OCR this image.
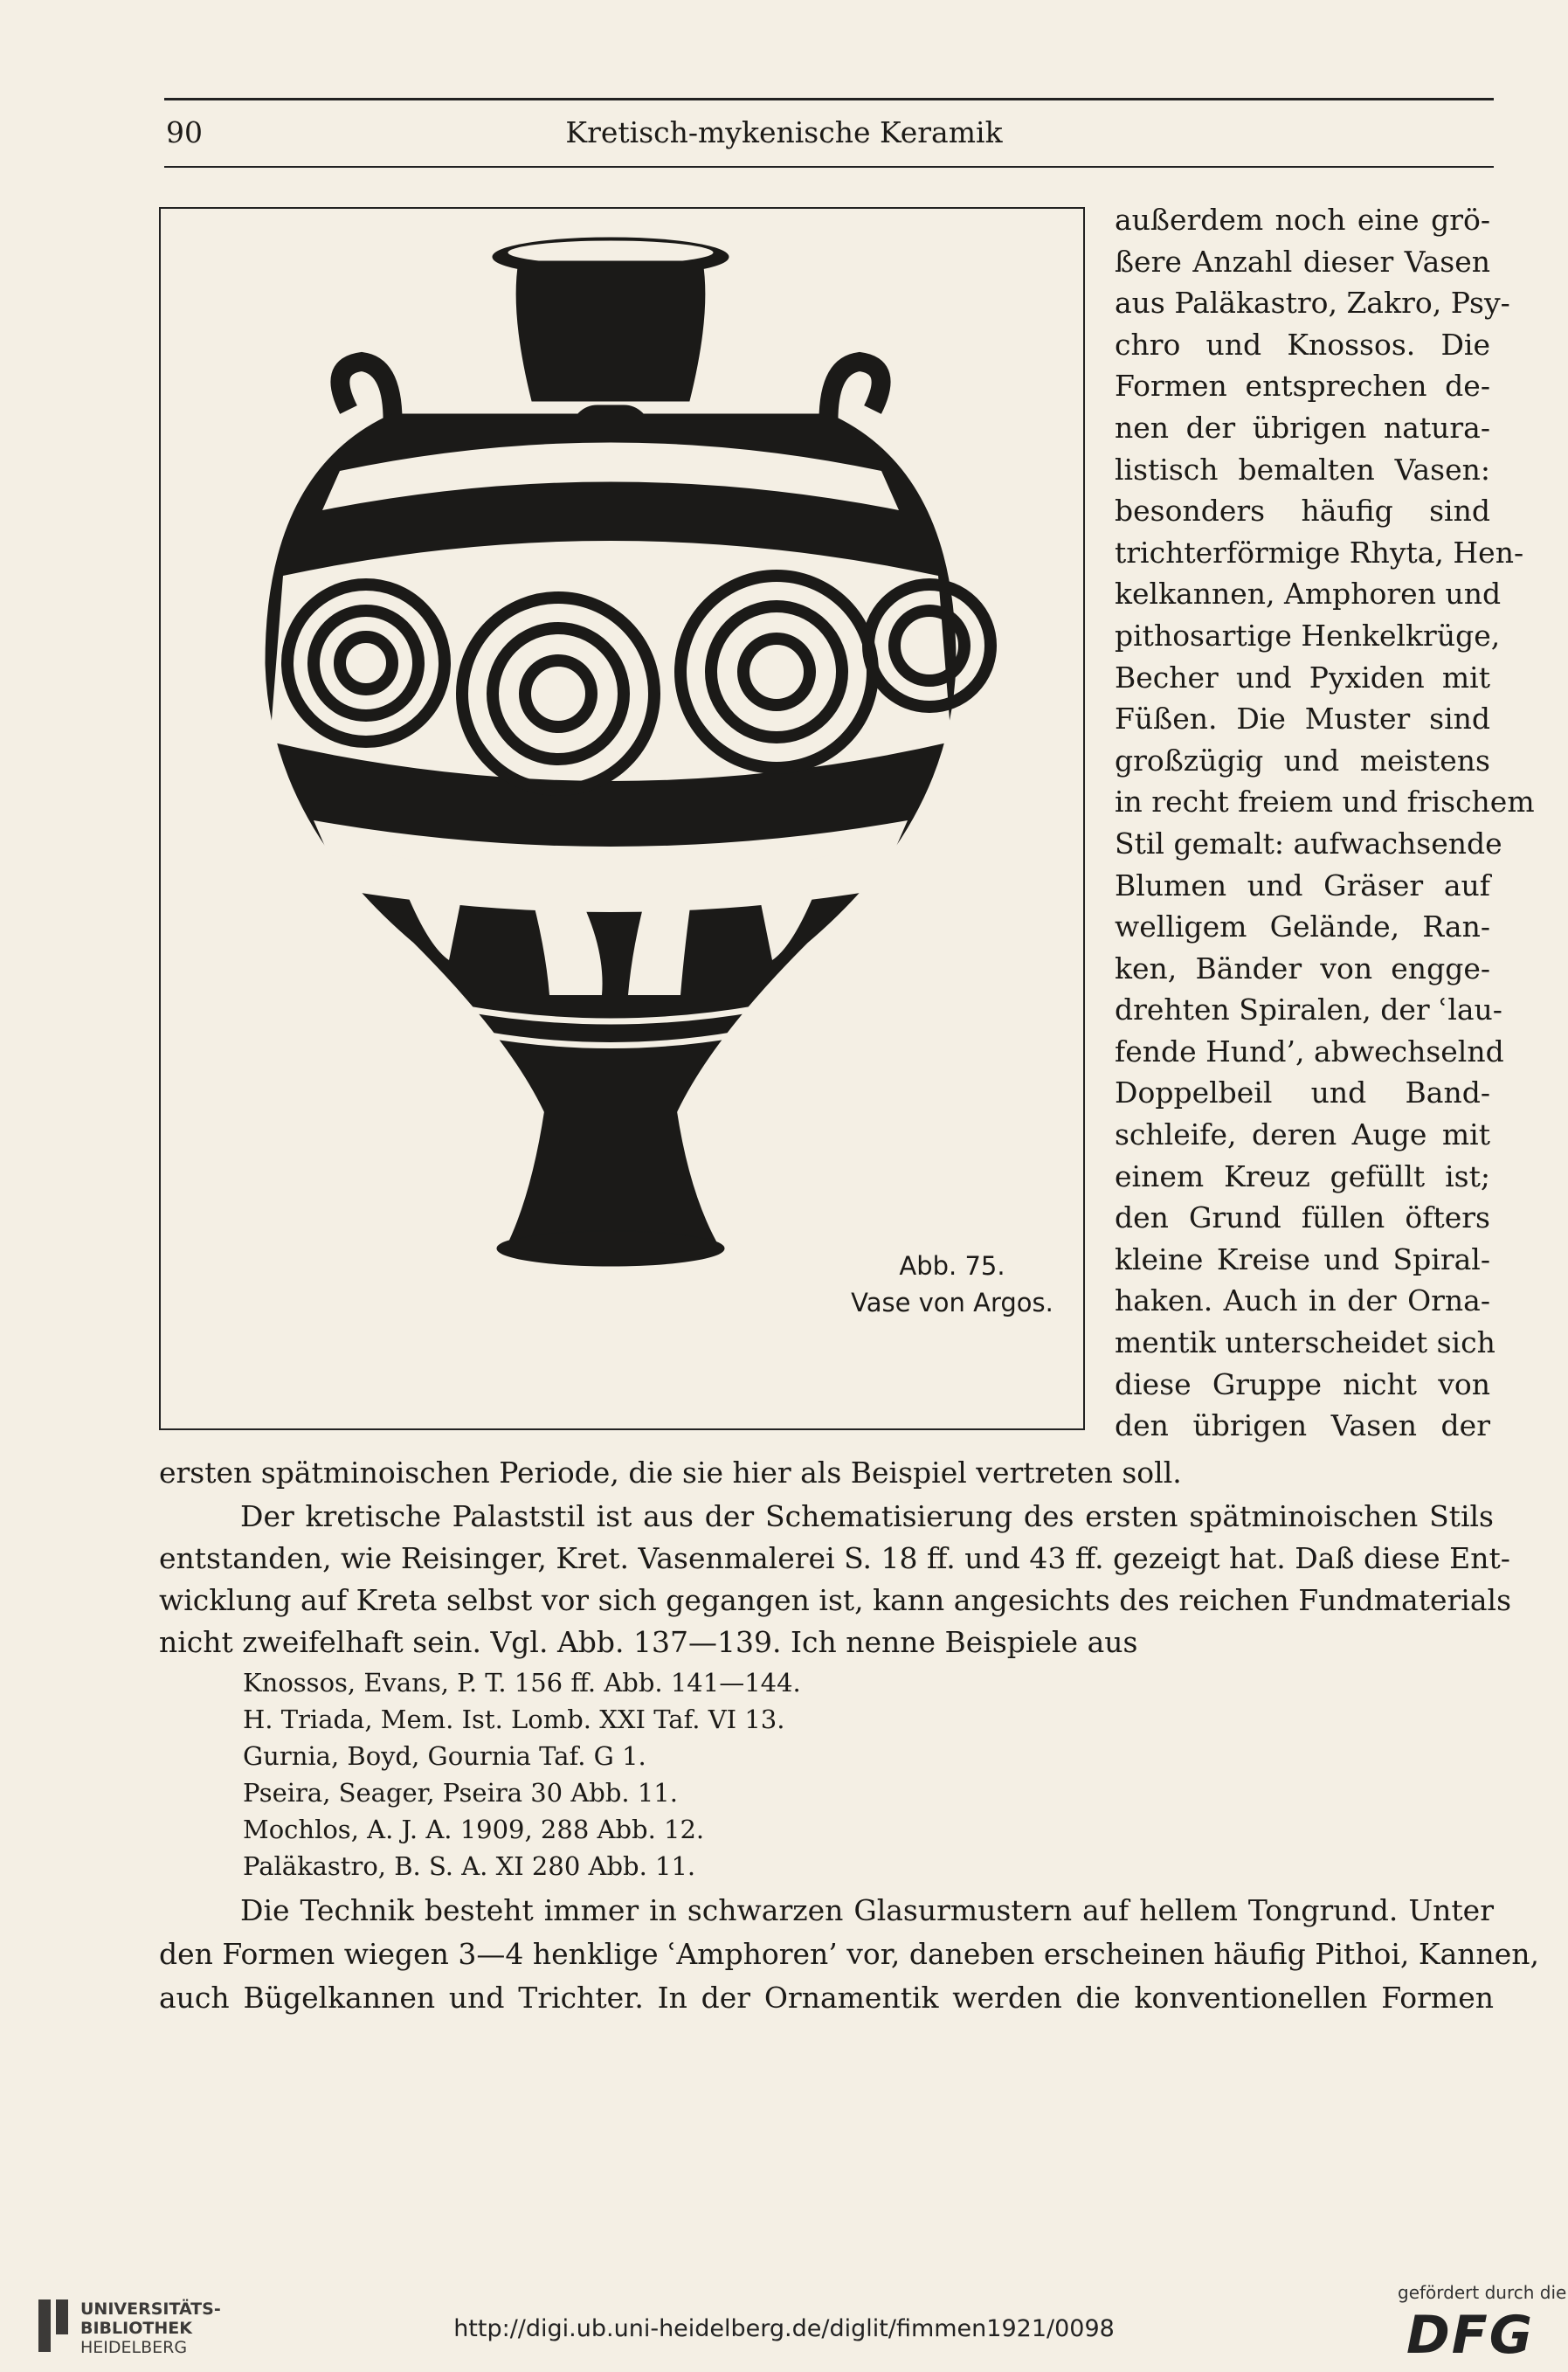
90	Kretisch-mykenische Keramik
Abb. 75.
Vase von Argos.
außerdem noch eine grö-
ßere Anzahl dieser Vasen
aus Paläkastro, Zakro, Psy-
chro und Knossos. Die
Formen entsprechen de-
nen der übrigen natura-
listisch bemalten Vasen:
besonders häufig sind
trichterförmige Rhyta, Hen-
kelkannen, Amphoren und
pithosartige Henkelkrüge,
Becher und Pyxiden mit
Füßen. Die Muster sind
großzügig und meistens
in recht freiem und frischem
Stil gemalt: aufwachsende
Blumen und Gräser auf
welligem Gelände, Ran-
ken, Bänder von engge-
drehten Spiralen, der ʿlau-
fende Hund’, abwechselnd
Doppelbeil und Band-
schleife, deren Auge mit
einem Kreuz gefüllt ist;
den Grund füllen öfters
kleine Kreise und Spiral-
haken. Auch in der Orna-
mentik unterscheidet sich
diese Gruppe nicht von
den übrigen Vasen der
ersten spätminoischen Periode, die sie hier als Beispiel vertreten soll.
Der kretische Palaststil ist aus der Schematisierung des ersten spätminoischen Stils
entstanden, wie Reisinger, Kret. Vasenmalerei S. 18 ff. und 43 ff. gezeigt hat. Daß diese Ent-
wicklung auf Kreta selbst vor sich gegangen ist, kann angesichts des reichen Fundmaterials
nicht zweifelhaft sein. Vgl. Abb. 137—139. Ich nenne Beispiele aus
Knossos, Evans, P. T. 156 ff. Abb. 141—144.
H. Triada, Mem. Ist. Lomb. XXI Taf. VI 13.
Gurnia, Boyd, Gournia Taf. G 1.
Pseira, Seager, Pseira 30 Abb. 11.
Mochlos, A. J. A. 1909, 288 Abb. 12.
Paläkastro, B. S. A. XI 280 Abb. 11.
Die Technik besteht immer in schwarzen Glasurmustern auf hellem Tongrund. Unter
den Formen wiegen 3—4 henklige ʿAmphoren’ vor, daneben erscheinen häufig Pithoi, Kannen,
auch Bügelkannen und Trichter. In der Ornamentik werden die konventionellen Formen
UNIVERSITÄTS-
BIBLIOTHEK
HEIDELBERG
http://digi.ub.uni-heidelberg.de/diglit/fimmen1921/0098
gefördert durch die
DFG
